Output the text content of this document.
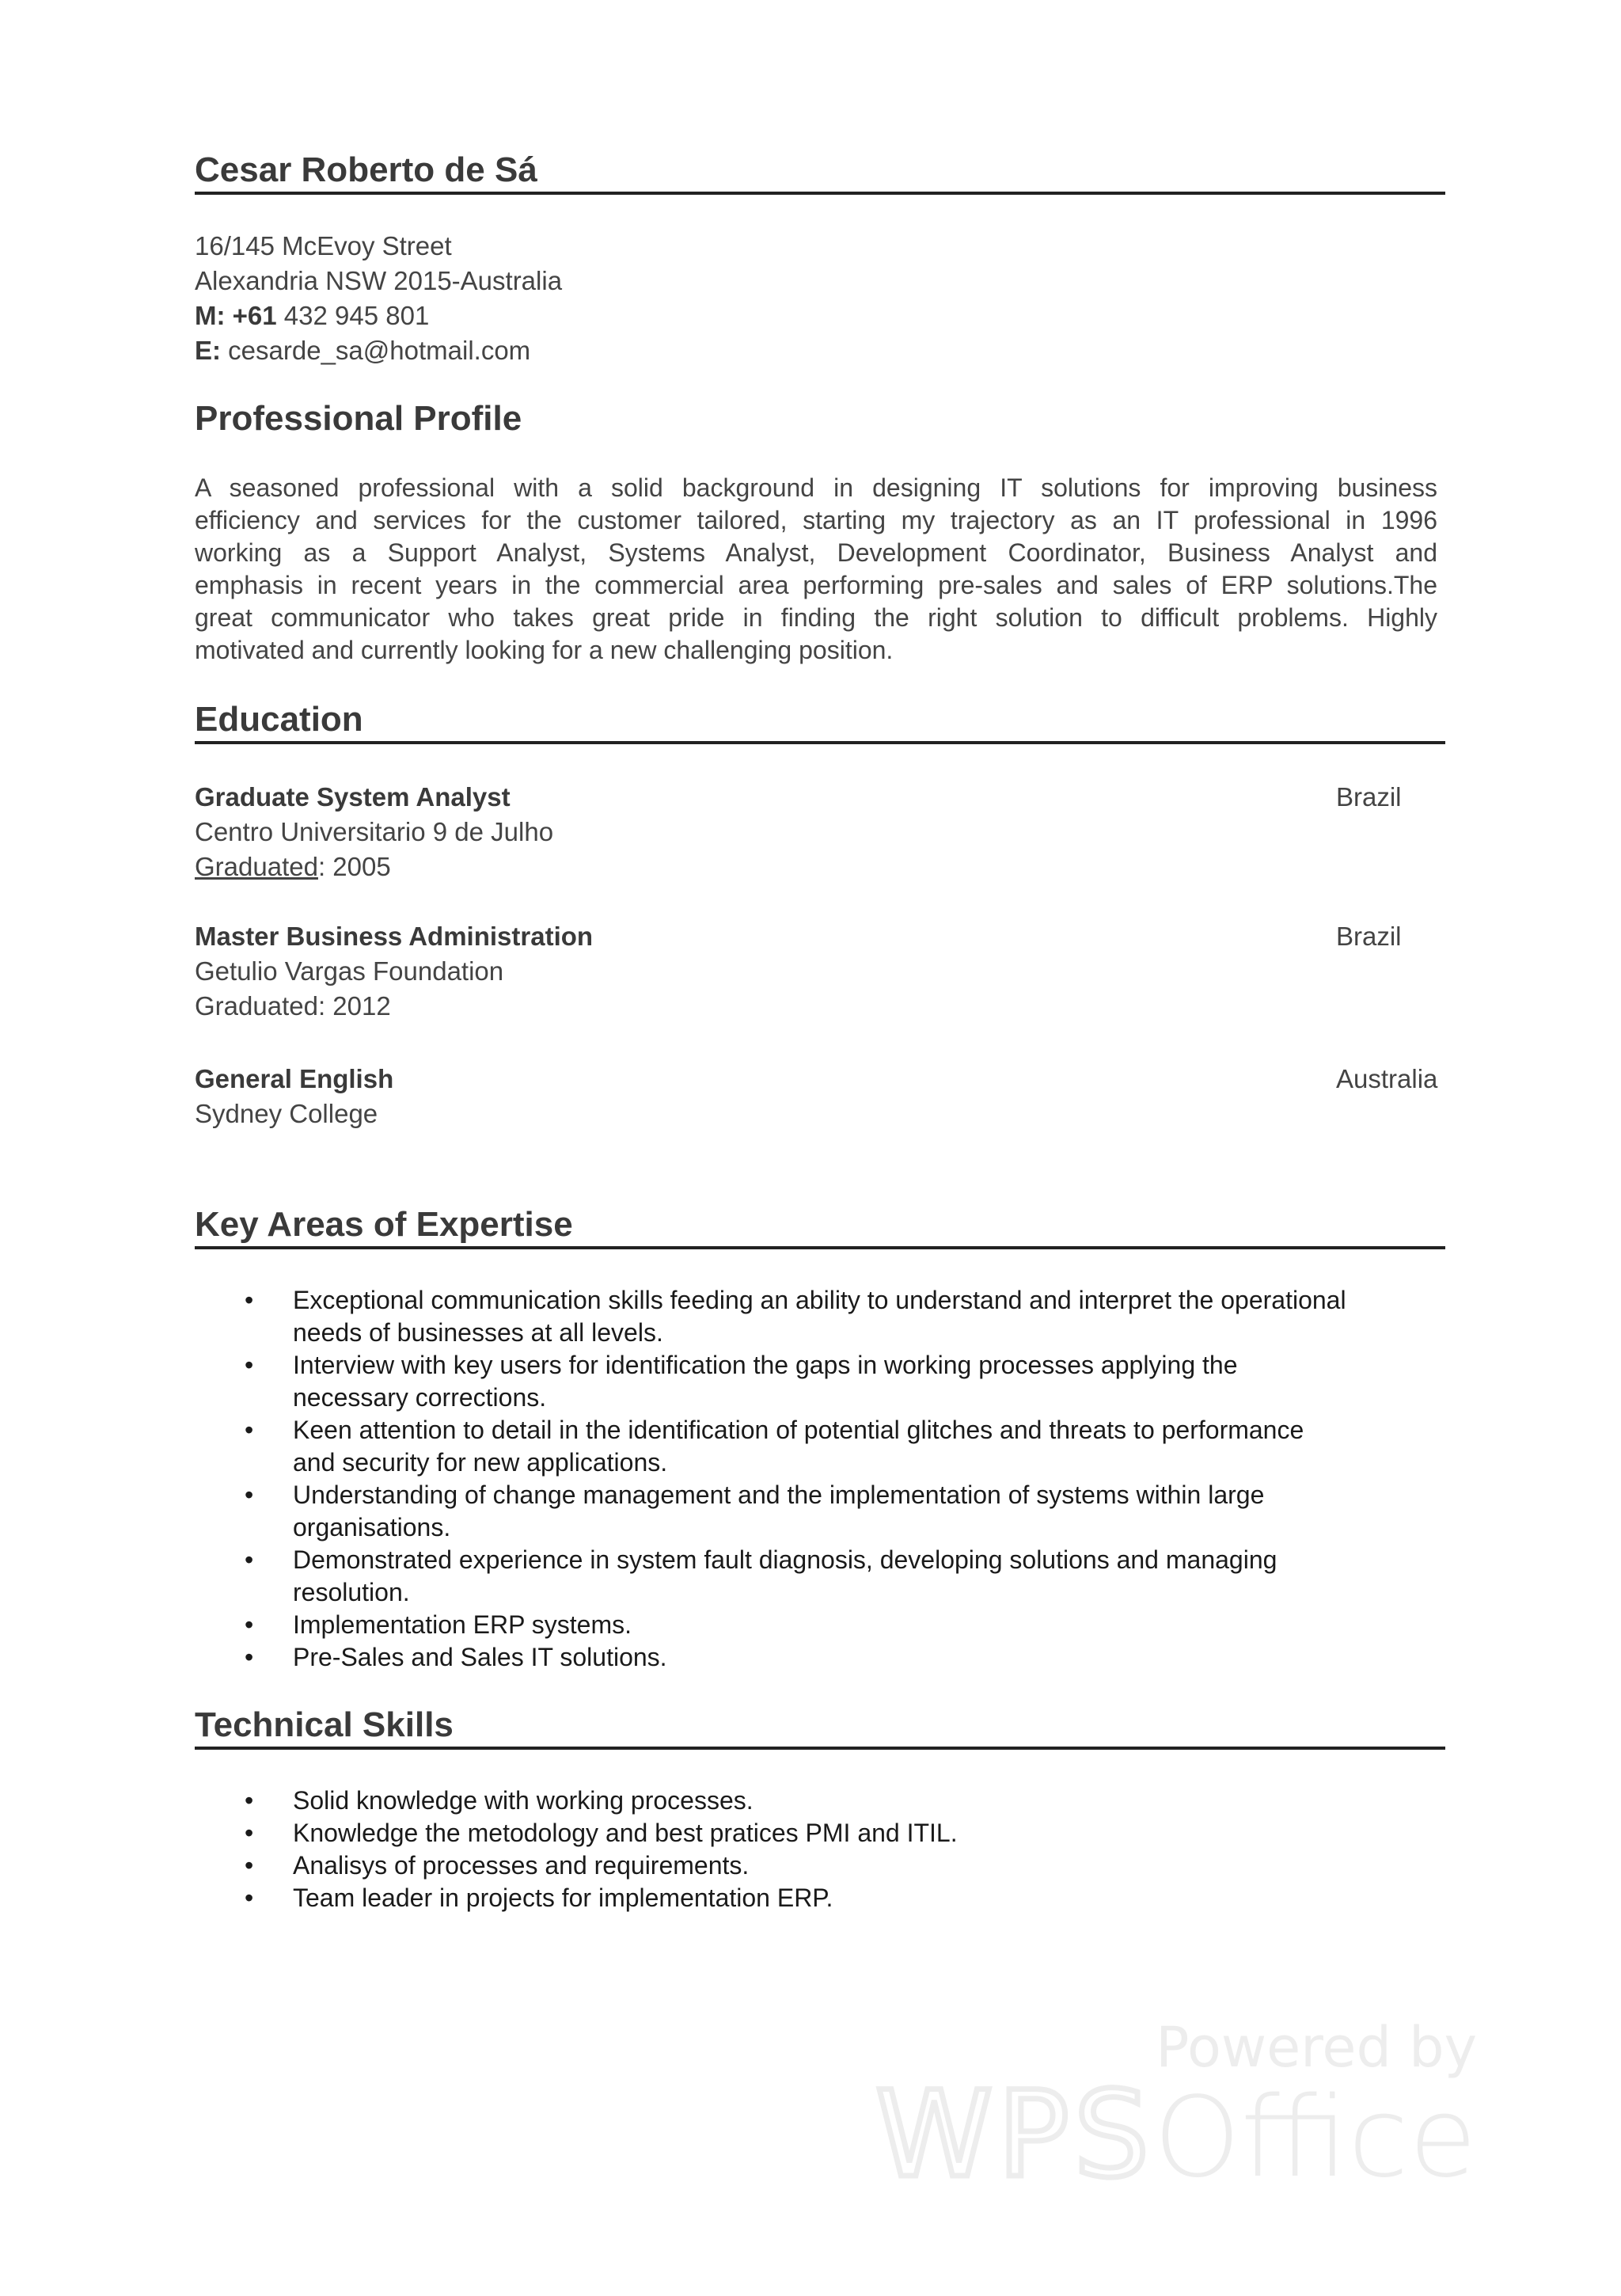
Cesar Roberto de Sá
16/145 McEvoy Street
Alexandria NSW 2015-Australia
M: +61 432 945 801
E: cesarde_sa@hotmail.com
Professional Profile
A seasoned professional with a solid background in designing IT solutions for improving business
efficiency and services for the customer tailored, starting my trajectory as an IT professional in 1996
working as a Support Analyst, Systems Analyst, Development Coordinator, Business Analyst and
emphasis in recent years in the commercial area performing pre-sales and sales of ERP solutions.The
great communicator who takes great pride in finding the right solution to difficult problems. Highly
motivated and currently looking for a new challenging position.
Education
Graduate System Analyst	Brazil
Centro Universitario 9 de Julho
Graduated: 2005
Master Business Administration	Brazil
Getulio Vargas Foundation
Graduated: 2012
General English	Australia
Sydney College
Key Areas of Expertise
• Exceptional communication skills feeding an ability to understand and interpret the operational
needs of businesses at all levels.
• Interview with key users for identification the gaps in working processes applying the
necessary corrections.
• Keen attention to detail in the identification of potential glitches and threats to performance
and security for new applications.
• Understanding of change management and the implementation of systems within large
organisations.
• Demonstrated experience in system fault diagnosis, developing solutions and managing
resolution.
• Implementation ERP systems.
• Pre-Sales and Sales IT solutions.
Technical Skills
• Solid knowledge with working processes.
• Knowledge the metodology and best pratices PMI and ITIL.
• Analisys of processes and requirements.
• Team leader in projects for implementation ERP.
Powered by
WPS Office
